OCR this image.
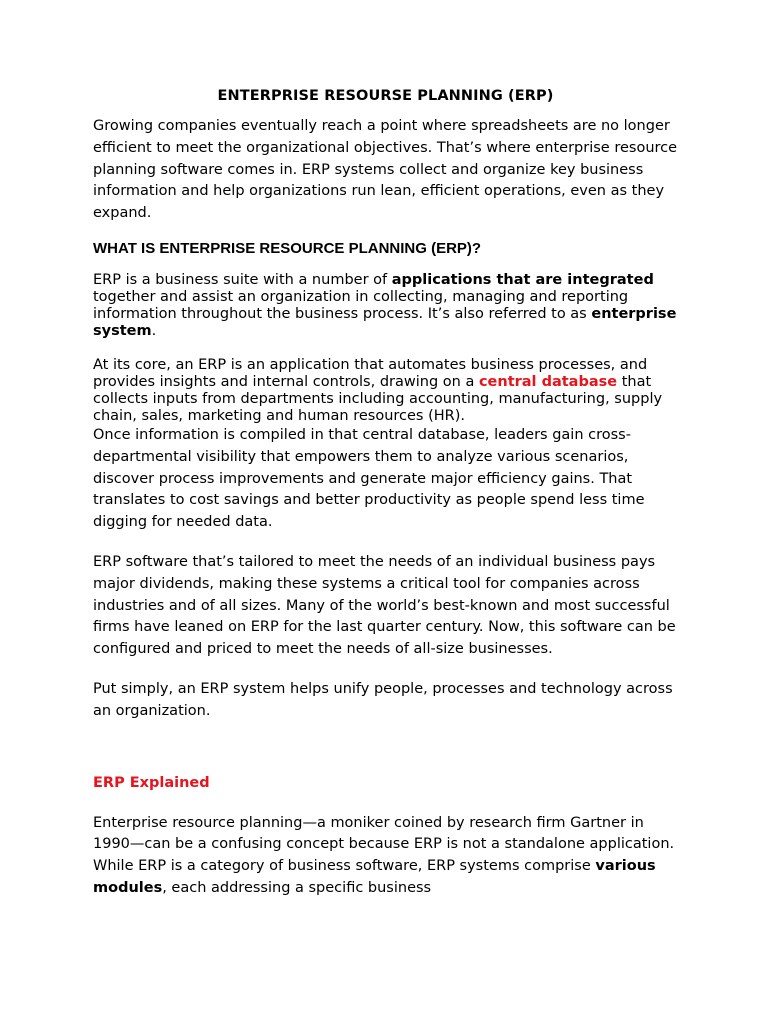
ENTERPRISE RESOURSE PLANNING (ERP)

Growing companies eventually reach a point where spreadsheets are no longer efficient to meet the organizational objectives. That’s where enterprise resource planning software comes in. ERP systems collect and organize key business information and help organizations run lean, efficient operations, even as they expand.

WHAT IS ENTERPRISE RESOURCE PLANNING (ERP)?

ERP is a business suite with a number of applications that are integrated together and assist an organization in collecting, managing and reporting information throughout the business process. It’s also referred to as enterprise system.

At its core, an ERP is an application that automates business processes, and provides insights and internal controls, drawing on a central database that collects inputs from departments including accounting, manufacturing, supply chain, sales, marketing and human resources (HR).

Once information is compiled in that central database, leaders gain cross-departmental visibility that empowers them to analyze various scenarios, discover process improvements and generate major efficiency gains. That translates to cost savings and better productivity as people spend less time digging for needed data.

ERP software that’s tailored to meet the needs of an individual business pays major dividends, making these systems a critical tool for companies across industries and of all sizes. Many of the world’s best-known and most successful firms have leaned on ERP for the last quarter century. Now, this software can be configured and priced to meet the needs of all-size businesses.

Put simply, an ERP system helps unify people, processes and technology across an organization.

ERP Explained

Enterprise resource planning—a moniker coined by research firm Gartner in 1990—can be a confusing concept because ERP is not a standalone application. While ERP is a category of business software, ERP systems comprise various modules, each addressing a specific business
